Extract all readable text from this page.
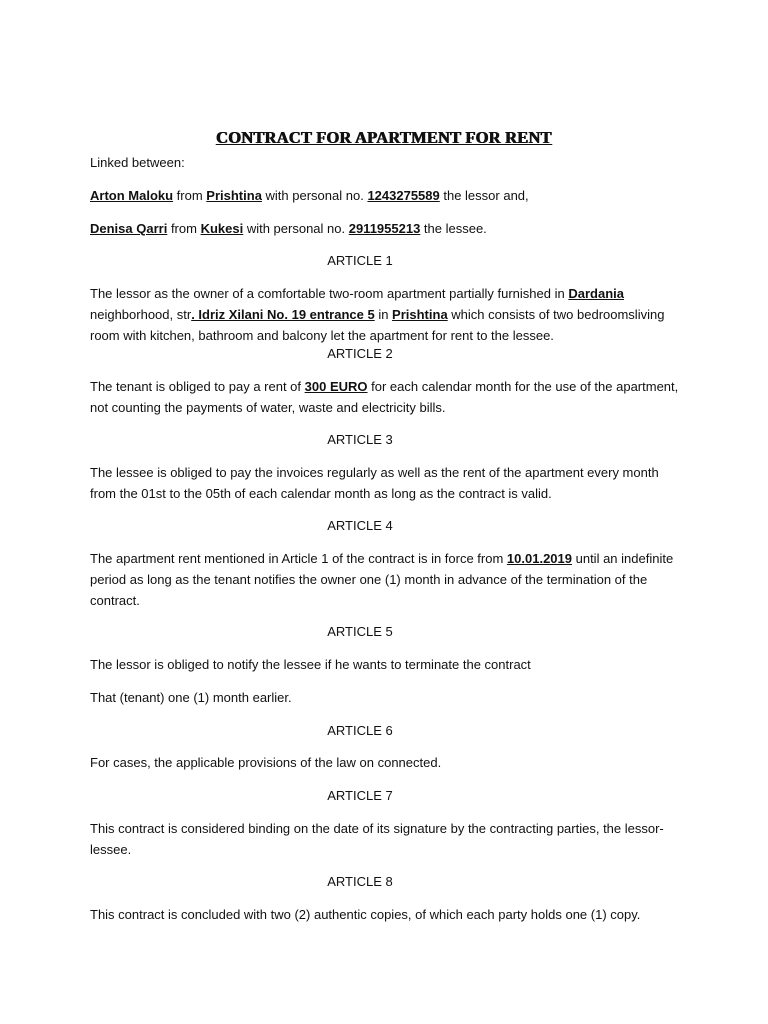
CONTRACT FOR APARTMENT FOR RENT
Linked between:
Arton Maloku from Prishtina with personal no. 1243275589 the lessor and,
Denisa Qarri from Kukesi with personal no. 2911955213 the lessee.
ARTICLE 1
The lessor as the owner of a comfortable two-room apartment partially furnished in Dardania neighborhood, str. Idriz Xilani No. 19 entrance 5 in Prishtina which consists of two bedroomsliving room with kitchen, bathroom and balcony let the apartment for rent to the lessee.
ARTICLE 2
The tenant is obliged to pay a rent of 300 EURO for each calendar month for the use of the apartment, not counting the payments of water, waste and electricity bills.
ARTICLE 3
The lessee is obliged to pay the invoices regularly as well as the rent of the apartment every month from the 01st to the 05th of each calendar month as long as the contract is valid.
ARTICLE 4
The apartment rent mentioned in Article 1 of the contract is in force from 10.01.2019 until an indefinite period as long as the tenant notifies the owner one (1) month in advance of the termination of the contract.
ARTICLE 5
The lessor is obliged to notify the lessee if he wants to terminate the contract
That (tenant) one (1) month earlier.
ARTICLE 6
For cases, the applicable provisions of the law on connected.
ARTICLE 7
This contract is considered binding on the date of its signature by the contracting parties, the lessor-lessee.
ARTICLE 8
This contract is concluded with two (2) authentic copies, of which each party holds one (1) copy.
